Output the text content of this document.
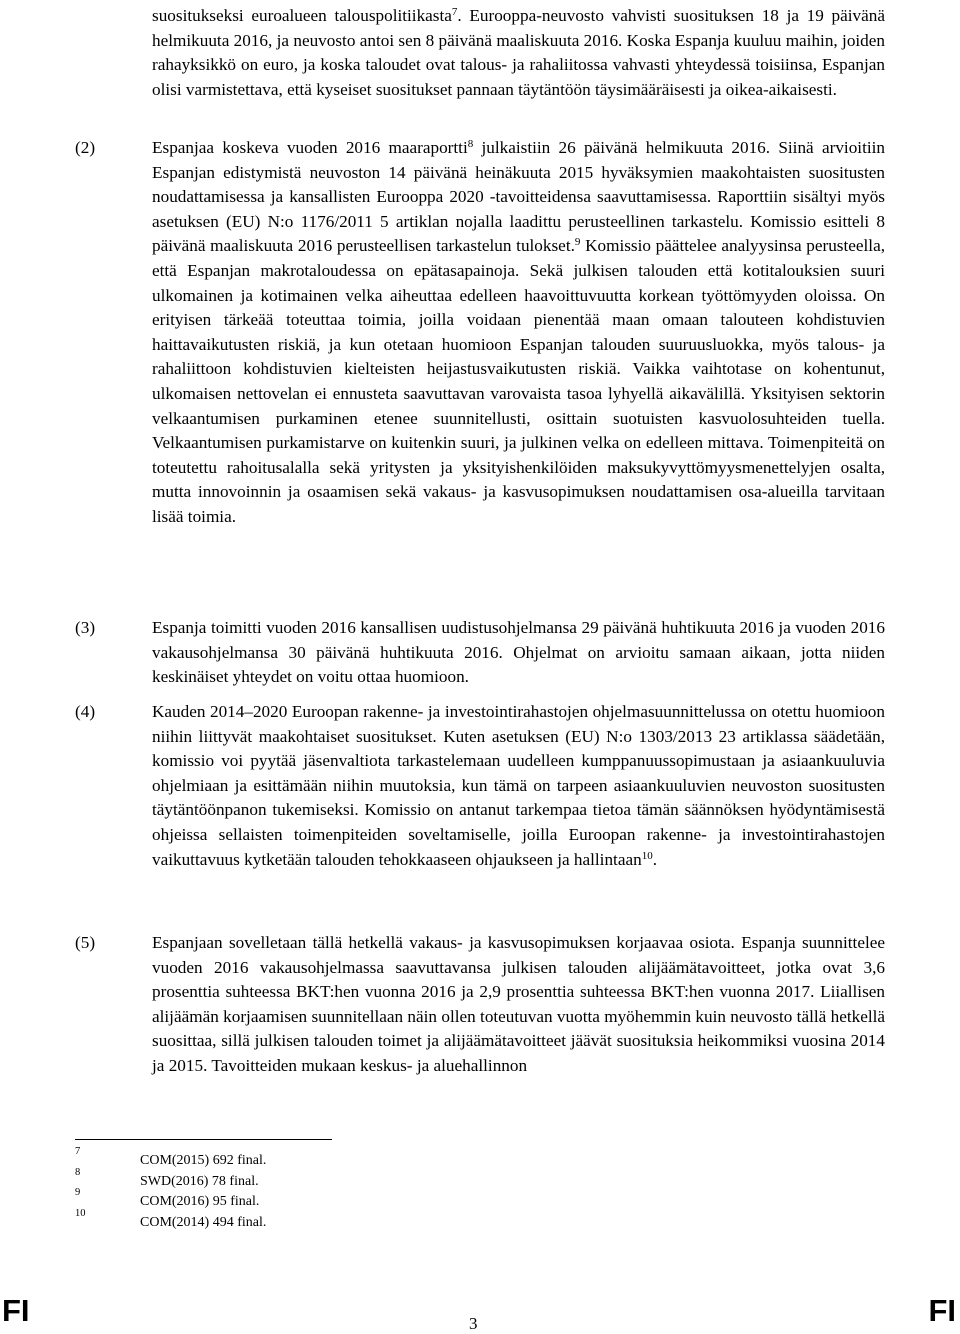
suositukseksi euroalueen talouspolitiikasta$^7$. Eurooppa-neuvosto vahvisti suosituksen 18 ja 19 päivänä helmikuuta 2016, ja neuvosto antoi sen 8 päivänä maaliskuuta 2016. Koska Espanja kuuluu maihin, joiden rahayksikkö on euro, ja koska taloudet ovat talous- ja rahaliitossa vahvasti yhteydessä toisiinsa, Espanjan olisi varmistettava, että kyseiset suositukset pannaan täytäntöön täysimääräisesti ja oikea-aikaisesti.
(2)	Espanjaa koskeva vuoden 2016 maaraportti$^8$ julkaistiin 26 päivänä helmikuuta 2016. Siinä arvioitiin Espanjan edistymistä neuvoston 14 päivänä heinäkuuta 2015 hyväksymien maakohtaisten suositusten noudattamisessa ja kansallisten Eurooppa 2020 -tavoitteidensa saavuttamisessa. Raporttiin sisältyi myös asetuksen (EU) N:o 1176/2011 5 artiklan nojalla laadittu perusteellinen tarkastelu. Komissio esitteli 8 päivänä maaliskuuta 2016 perusteellisen tarkastelun tulokset.$^9$ Komissio päättelee analyysinsa perusteella, että Espanjan makrotaloudessa on epätasapainoja. Sekä julkisen talouden että kotitalouksien suuri ulkomainen ja kotimainen velka aiheuttaa edelleen haavoittuvuutta korkean työttömyyden oloissa. On erityisen tärkeää toteuttaa toimia, joilla voidaan pienentää maan omaan talouteen kohdistuvien haittavaikutusten riskiä, ja kun otetaan huomioon Espanjan talouden suuruusluokka, myös talous- ja rahaliittoon kohdistuvien kielteisten heijastusvaikutusten riskiä. Vaikka vaihtotase on kohentunut, ulkomaisen nettovelan ei ennusteta saavuttavan varovaista tasoa lyhyellä aikavälillä. Yksityisen sektorin velkaantumisen purkaminen etenee suunnitellusti, osittain suotuisten kasvuolosuhteiden tuella. Velkaantumisen purkamistarve on kuitenkin suuri, ja julkinen velka on edelleen mittava. Toimenpiteitä on toteutettu rahoitusalalla sekä yritysten ja yksityishenkilöiden maksukyvyttömyysmenettelyjen osalta, mutta innovoinnin ja osaamisen sekä vakaus- ja kasvusopimuksen noudattamisen osa-alueilla tarvitaan lisää toimia.
(3)	Espanja toimitti vuoden 2016 kansallisen uudistusohjelmansa 29 päivänä huhtikuuta 2016 ja vuoden 2016 vakausohjelmansa 30 päivänä huhtikuuta 2016. Ohjelmat on arvioitu samaan aikaan, jotta niiden keskinäiset yhteydet on voitu ottaa huomioon.
(4)	Kauden 2014–2020 Euroopan rakenne- ja investointirahastojen ohjelmasuunnittelussa on otettu huomioon niihin liittyvät maakohtaiset suositukset. Kuten asetuksen (EU) N:o 1303/2013 23 artiklassa säädetään, komissio voi pyytää jäsenvaltiota tarkastelemaan uudelleen kumppanuussopimustaan ja asiaankuuluvia ohjelmiaan ja esittämään niihin muutoksia, kun tämä on tarpeen asiaankuuluvien neuvoston suositusten täytäntöönpanon tukemiseksi. Komissio on antanut tarkempaa tietoa tämän säännöksen hyödyntämisestä ohjeissa sellaisten toimenpiteiden soveltamiselle, joilla Euroopan rakenne- ja investointirahastojen vaikuttavuus kytketään talouden tehokkaaseen ohjaukseen ja hallintaan$^{10}$.
(5)	Espanjaan sovelletaan tällä hetkellä vakaus- ja kasvusopimuksen korjaavaa osiota. Espanja suunnittelee vuoden 2016 vakausohjelmassa saavuttavansa julkisen talouden alijäämätavoitteet, jotka ovat 3,6 prosenttia suhteessa BKT:hen vuonna 2016 ja 2,9 prosenttia suhteessa BKT:hen vuonna 2017. Liiallisen alijäämän korjaamisen suunnitellaan näin ollen toteutuvan vuotta myöhemmin kuin neuvosto tällä hetkellä suosittaa, sillä julkisen talouden toimet ja alijäämätavoitteet jäävät suosituksia heikommiksi vuosina 2014 ja 2015. Tavoitteiden mukaan keskus- ja aluehallinnon
7
COM(2015) 692 final.
8
SWD(2016) 78 final.
9
COM(2016) 95 final.
10
COM(2014) 494 final.
FI	3	FI
